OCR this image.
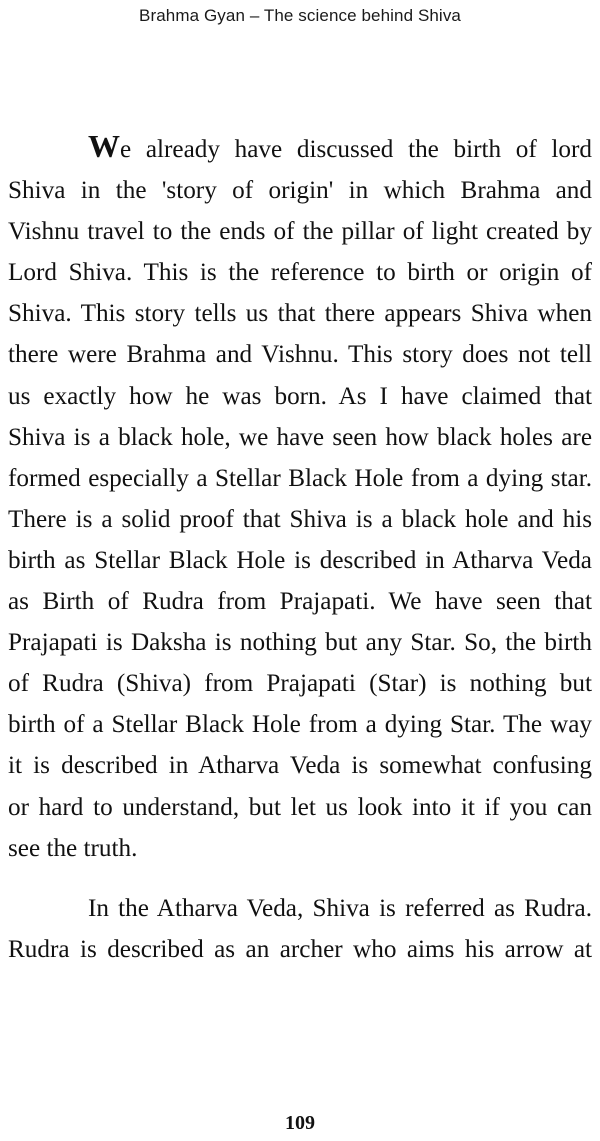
Brahma Gyan – The science behind Shiva
We already have discussed the birth of lord
Shiva in the 'story of origin' in which Brahma and
Vishnu travel to the ends of the pillar of light created by
Lord Shiva. This is the reference to birth or origin of
Shiva. This story tells us that there appears Shiva when
there were Brahma and Vishnu. This story does not tell
us exactly how he was born. As I have claimed that
Shiva is a black hole, we have seen how black holes are
formed especially a Stellar Black Hole from a dying star.
There is a solid proof that Shiva is a black hole and his
birth as Stellar Black Hole is described in Atharva Veda
as Birth of Rudra from Prajapati. We have seen that
Prajapati is Daksha is nothing but any Star. So, the birth
of Rudra (Shiva) from Prajapati (Star) is nothing but
birth of a Stellar Black Hole from a dying Star. The way
it is described in Atharva Veda is somewhat confusing
or hard to understand, but let us look into it if you can
see the truth.
In the Atharva Veda, Shiva is referred as Rudra.
Rudra is described as an archer who aims his arrow at
109
